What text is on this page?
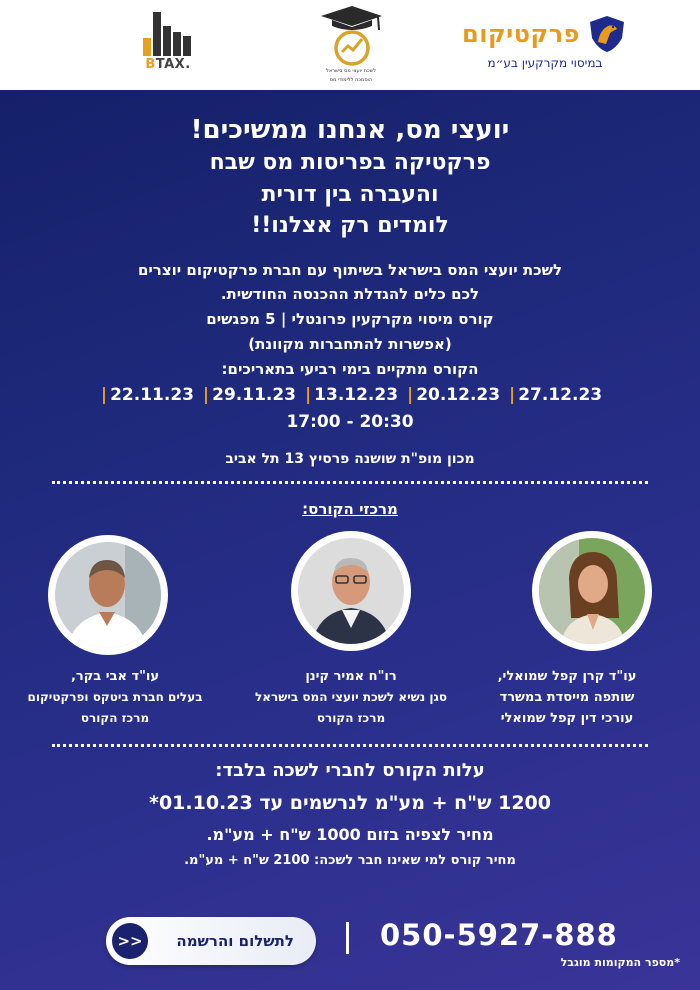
פרקטיקום
במיסוי מקרקעין בע״מ
לשכת יועצי מס בישראל
הוסמכה ללימודי מס
BTAX.
יועצי מס, אנחנו ממשיכים!
פרקטיקה בפריסות מס שבח
והעברה בין דורית
לומדים רק אצלנו!!
לשכת יועצי המס בישראל בשיתוף עם חברת פרקטיקום יוצרים
לכם כלים להגדלת ההכנסה החודשית.
קורס מיסוי מקרקעין פרונטלי | 5 מפגשים
(אפשרות להתחברות מקוונת)
הקורס מתקיים בימי רביעי בתאריכים:
27.12.23| 20.12.23| 13.12.23| 29.11.23| 22.11.23|
17:00 - 20:30
מכון מופ"ת שושנה פרסיץ 13 תל אביב
מרכזי הקורס:
עו"ד קרן קפל שמואלי,
שותפה מייסדת במשרד
עורכי דין קפל שמואלי
רו"ח אמיר קינן
סגן נשיא לשכת יועצי המס בישראל
מרכז הקורס
עו"ד אבי בקר,
בעלים חברת ביטקס ופרקטיקום
מרכז הקורס
עלות הקורס לחברי לשכה בלבד:
1200 ש"ח + מע"מ לנרשמים עד 01.10.23*
מחיר לצפיה בזום 1000 ש"ח + מע"מ.
מחיר קורס למי שאינו חבר לשכה: 2100 ש"ח + מע"מ.
לתשלום והרשמה
<<	050-5927-888
*מספר המקומות מוגבל
